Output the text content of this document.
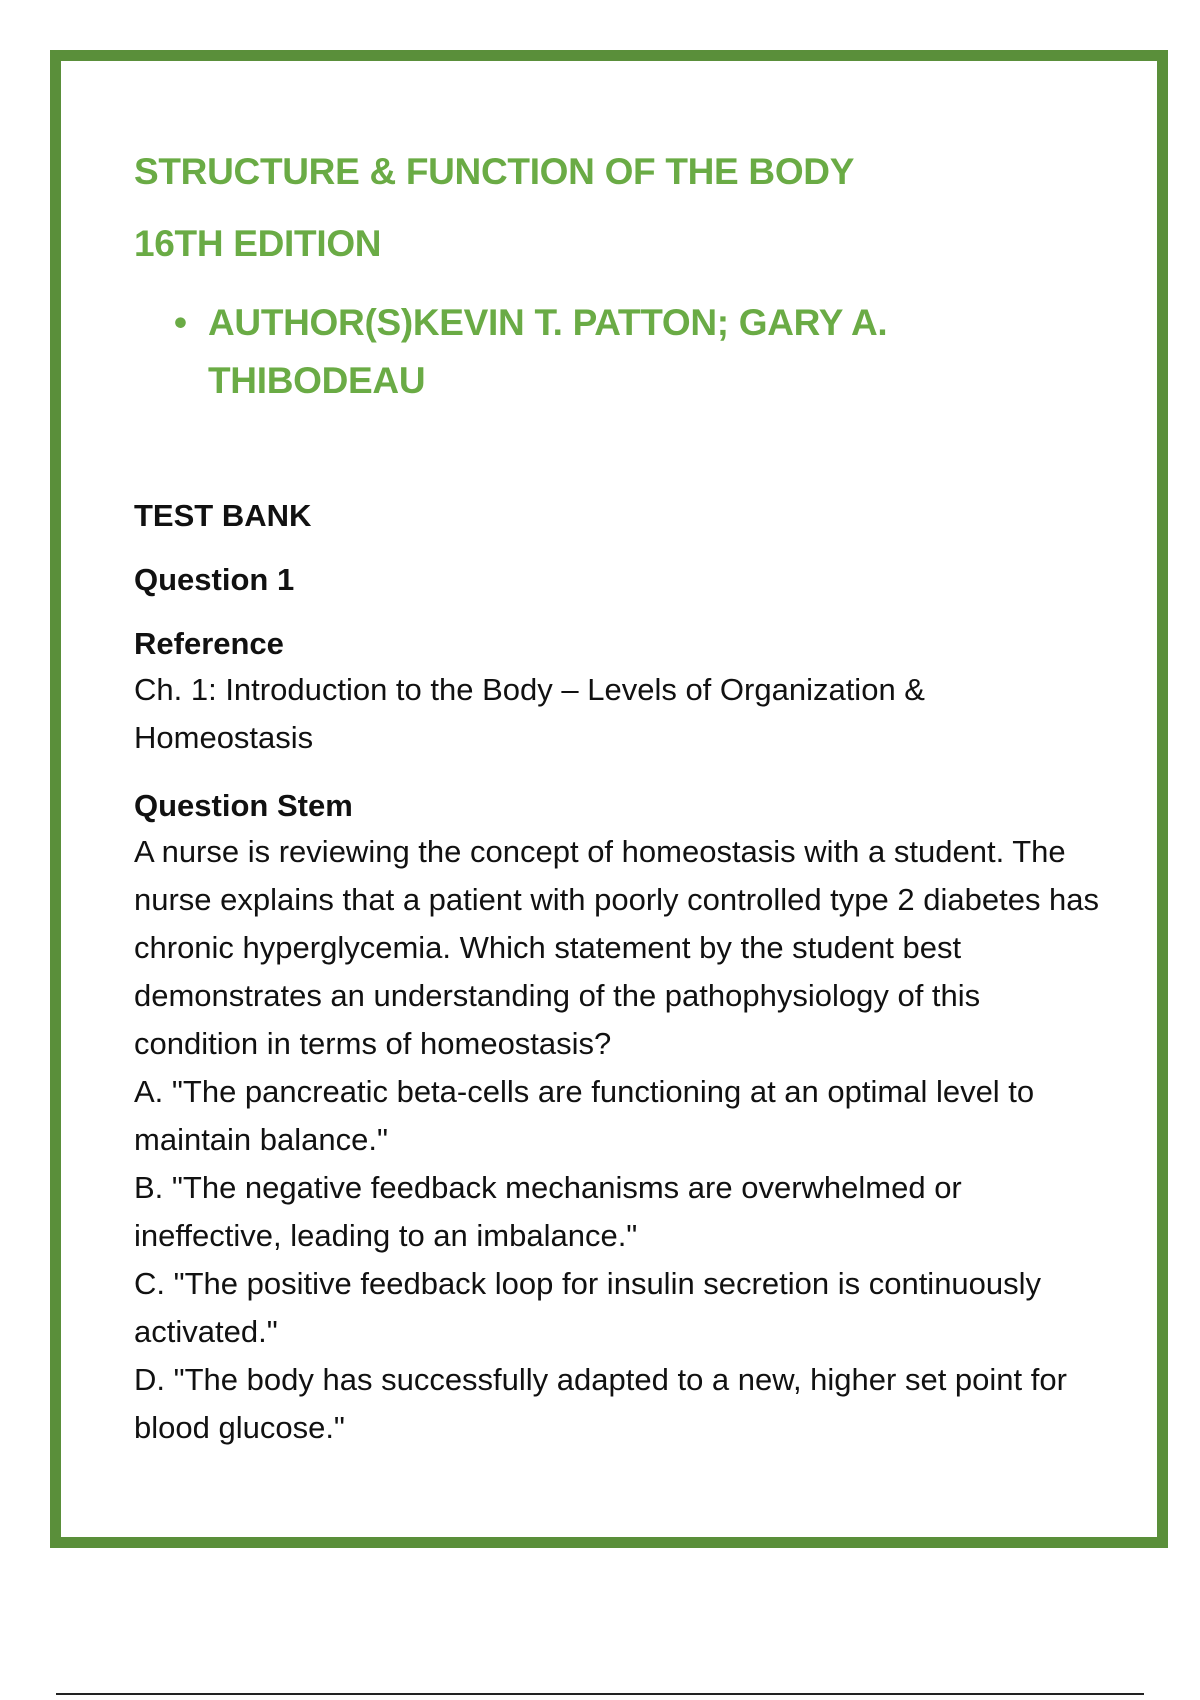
STRUCTURE & FUNCTION OF THE BODY
16TH EDITION
• AUTHOR(S)KEVIN T. PATTON; GARY A. THIBODEAU
TEST BANK
Question 1
Reference

Ch. 1: Introduction to the Body – Levels of Organization & Homeostasis

Question Stem

A nurse is reviewing the concept of homeostasis with a student. The nurse explains that a patient with poorly controlled type 2 diabetes has chronic hyperglycemia. Which statement by the student best demonstrates an understanding of the pathophysiology of this condition in terms of homeostasis?

A. "The pancreatic beta-cells are functioning at an optimal level to maintain balance."

B. "The negative feedback mechanisms are overwhelmed or ineffective, leading to an imbalance."

C. "The positive feedback loop for insulin secretion is continuously activated."

D. "The body has successfully adapted to a new, higher set point for blood glucose."
